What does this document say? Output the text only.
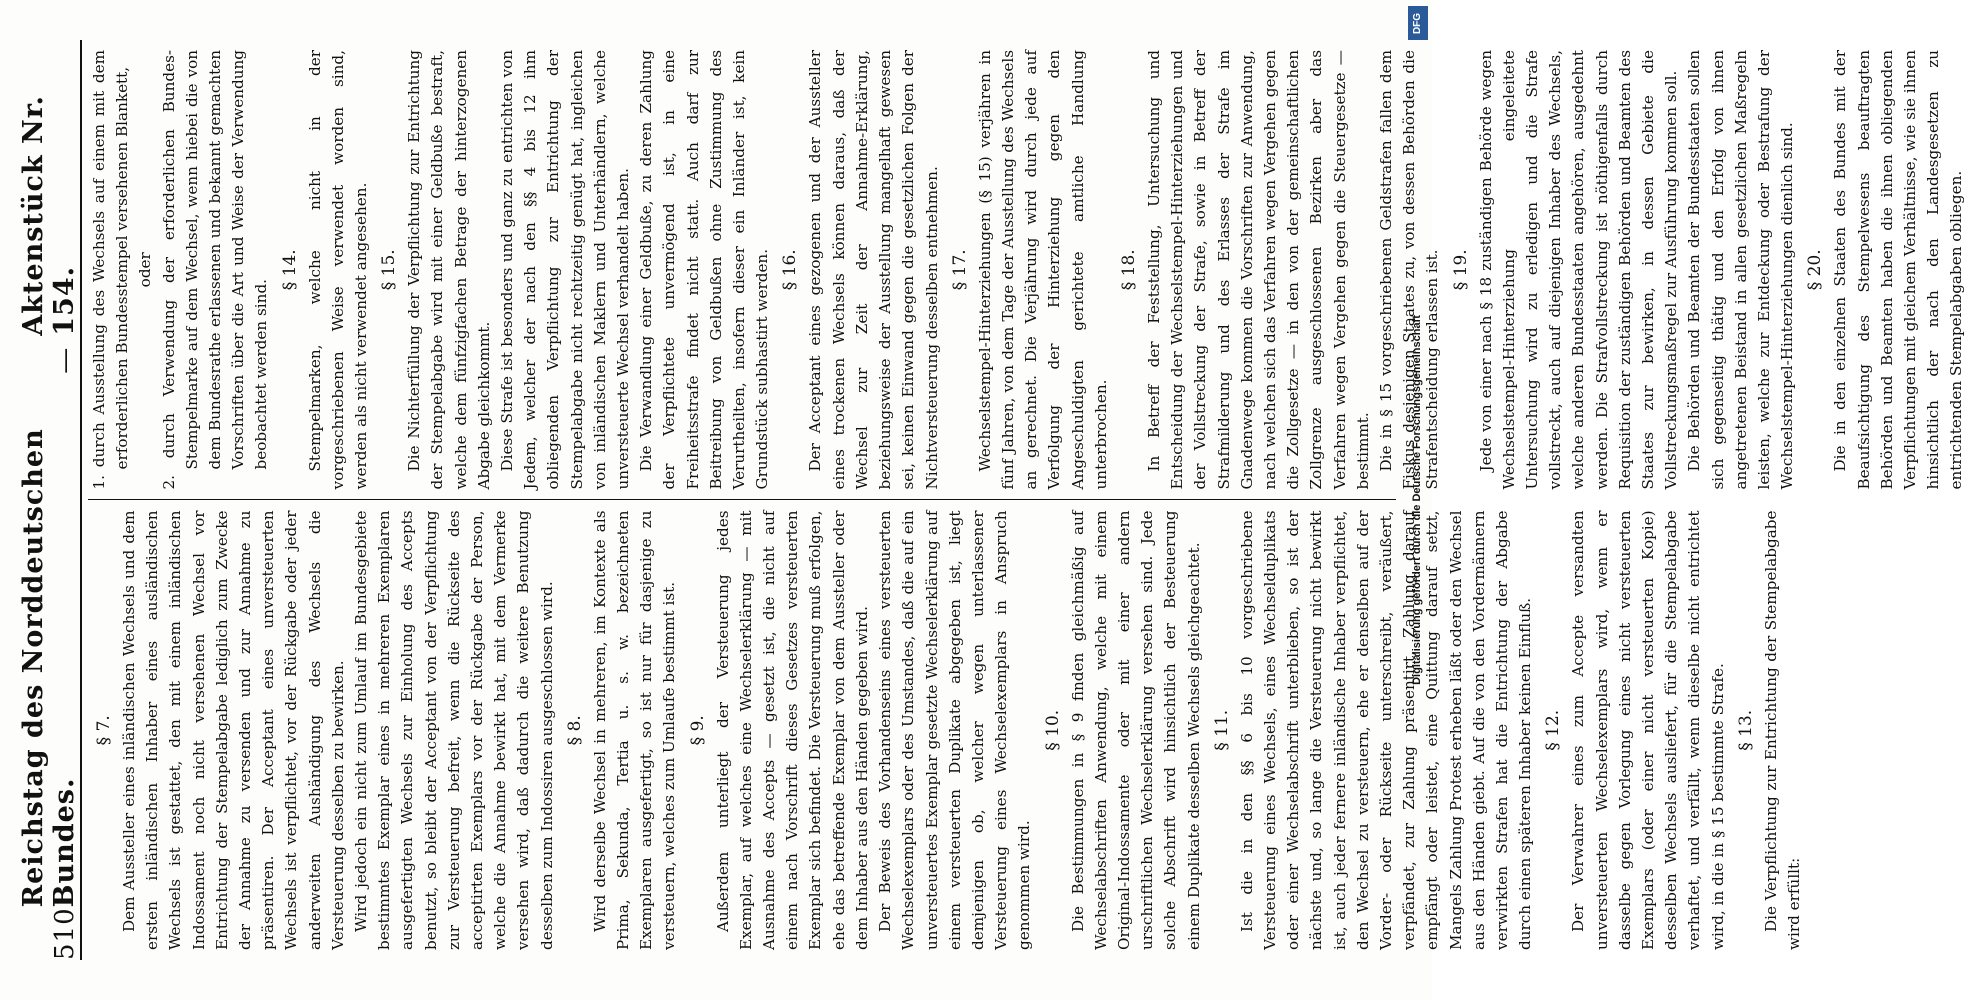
510
Reichstag des Norddeutschen Bundes.
—
Aktenstück Nr. 154.
§ 7. Dem Aussteller eines inländischen Wechsels und dem ersten inländischen Inhaber eines ausländischen Wechsels ist gestattet, den mit einem inländischen Indossament noch nicht versehenen Wechsel vor Entrichtung der Stempelabgabe lediglich zum Zwecke der Annahme zu versenden und zur Annahme zu präsentiren. Der Acceptant eines unversteuerten Wechsels ist verpflichtet, vor der Rückgabe oder jeder anderweiten Aushändigung des Wechsels die Versteuerung desselben zu bewirken. Wird jedoch ein nicht zum Umlauf im Bundesgebiete bestimmtes Exemplar eines in mehreren Exemplaren ausgefertigten Wechsels zur Einholung des Accepts benutzt, so bleibt der Acceptant von der Verpflichtung zur Versteuerung befreit, wenn die Rückseite des acceptirten Exemplars vor der Rückgabe der Person, welche die Annahme bewirkt hat, mit dem Vermerke versehen wird, daß dadurch die weitere Benutzung desselben zum Indossiren ausgeschlossen wird. § 8. Wird derselbe Wechsel in mehreren, im Kontexte als Prima, Sekunda, Tertia u. s. w. bezeichneten Exemplaren ausgefertigt, so ist nur für dasjenige zu versteuern, welches zum Umlaufe bestimmt ist. § 9. Außerdem unterliegt der Versteuerung jedes Exemplar, auf welches eine Wechselerklärung — mit Ausnahme des Accepts — gesetzt ist, die nicht auf einem nach Vorschrift dieses Gesetzes versteuerten Exemplar sich befindet. Die Versteuerung muß erfolgen, ehe das betreffende Exemplar von dem Aussteller oder dem Inhaber aus den Händen gegeben wird. Der Beweis des Vorhandenseins eines versteuerten Wechselexemplars oder des Umstandes, daß die auf ein unversteuertes Exemplar gesetzte Wechselerklärung auf einem versteuerten Duplikate abgegeben ist, liegt demjenigen ob, welcher wegen unterlassener Versteuerung eines Wechselexemplars in Anspruch genommen wird.

§ 10. Die Bestimmungen in § 9 finden gleichmäßig auf Wechselabschriften Anwendung, welche mit einem Original-Indossamente oder mit einer andern urschriftlichen Wechselerklärung versehen sind. Jede solche Abschrift wird hinsichtlich der Besteuerung einem Duplikate desselben Wechsels gleichgeachtet. § 11. Ist die in den §§ 6 bis 10 vorgeschriebene Versteuerung eines Wechsels, eines Wechselduplikats oder einer Wechselabschrift unterblieben, so ist der nächste und, so lange die Versteuerung nicht bewirkt ist, auch jeder fernere inländische Inhaber verpflichtet, den Wechsel zu versteuern, ehe er denselben auf der Vorder- oder Rückseite unterschreibt, veräußert, verpfändet, zur Zahlung präsentirt, Zahlung darauf empfängt oder leistet, eine Quittung darauf setzt, Mangels Zahlung Protest erheben läßt oder den Wechsel aus den Händen giebt. Auf die von den Vordermännern verwirkten Strafen hat die Entrichtung der Abgabe durch einen späteren Inhaber keinen Einfluß. § 12. Der Verwahrer eines zum Accepte versandten unversteuerten Wechselexemplars wird, wenn er dasselbe gegen Vorlegung eines nicht versteuerten Exemplars (oder einer nicht versteuerten Kopie) desselben Wechsels ausliefert, für die Stempelabgabe verhaftet, und verfällt, wenn dieselbe nicht entrichtet wird, in die in § 15 bestimmte Strafe. § 13. Die Verpflichtung zur Entrichtung der Stempelabgabe wird erfüllt:

1. durch Ausstellung des Wechsels auf einem mit dem erforderlichen Bundesstempel versehenen Blankett, oder 2. durch Verwendung der erforderlichen Bundes-Stempelmarke auf dem Wechsel, wenn hiebei die von dem Bundesrathe erlassenen und bekannt gemachten Vorschriften über die Art und Weise der Verwendung beobachtet werden sind.

§ 14. Stempelmarken, welche nicht in der vorgeschriebenen Weise verwendet worden sind, werden als nicht verwendet angesehen. § 15. Die Nichterfüllung der Verpflichtung zur Entrichtung der Stempelabgabe wird mit einer Geldbuße bestraft, welche dem fünfzigfachen Betrage der hinterzogenen Abgabe gleichkommt. Diese Strafe ist besonders und ganz zu entrichten von Jedem, welcher der nach den §§ 4 bis 12 ihm obliegenden Verpflichtung zur Entrichtung der Stempelabgabe nicht rechtzeitig genügt hat, ingleichen von inländischen Maklern und Unterhändlern, welche unversteuerte Wechsel verhandelt haben. Die Verwandlung einer Geldbuße, zu deren Zahlung der Verpflichtete unvermögend ist, in eine Freiheitsstrafe findet nicht statt. Auch darf zur Beitreibung von Geldbußen ohne Zustimmung des Verurtheilten, insofern dieser ein Inländer ist, kein Grundstück subhastirt werden. § 16. Der Acceptant eines gezogenen und der Aussteller eines trockenen Wechsels können daraus, daß der Wechsel zur Zeit der Annahme-Erklärung, beziehungsweise der Ausstellung mangelhaft gewesen sei, keinen Einwand gegen die gesetzlichen Folgen der Nichtversteuerung desselben entnehmen. § 17. Wechselstempel-Hinterziehungen (§ 15) verjähren in fünf Jahren, von dem Tage der Ausstellung des Wechsels an gerechnet. Die Verjährung wird durch jede auf Verfolgung der Hinterziehung gegen den Angeschuldigten gerichtete amtliche Handlung unterbrochen.

§ 18. In Betreff der Feststellung, Untersuchung und Entscheidung der Wechselstempel-Hinterziehungen und der Vollstreckung der Strafe, sowie in Betreff der Strafmilderung und des Erlasses der Strafe im Gnadenwege kommen die Vorschriften zur Anwendung, nach welchen sich das Verfahren wegen Vergehen gegen die Zollgesetze — in den von der gemeinschaftlichen Zollgrenze ausgeschlossenen Bezirken aber das Verfahren wegen Vergehen gegen die Steuergesetze — bestimmt. Die in § 15 vorgeschriebenen Geldstrafen fallen dem Fiskus desjenigen Staates zu, von dessen Behörden die Strafentscheidung erlassen ist. § 19. Jede von einer nach § 18 zuständigen Behörde wegen Wechselstempel-Hinterziehung eingeleitete Untersuchung wird zu erledigen und die Strafe vollstreckt, auch auf diejenigen Inhaber des Wechsels, welche anderen Bundesstaaten angehören, ausgedehnt werden. Die Strafvollstreckung ist nöthigenfalls durch Requisition der zuständigen Behörden und Beamten des Staates zur bewirken, in dessen Gebiete die Vollstreckungsmaßregel zur Ausführung kommen soll. Die Behörden und Beamten der Bundesstaaten sollen sich gegenseitig thätig und den Erfolg von ihnen angetretenen Beistand in allen gesetzlichen Maßregeln leisten, welche zur Entdeckung oder Bestrafung der Wechselstempel-Hinterziehungen dienlich sind. § 20. Die in den einzelnen Staaten des Bundes mit der Beaufsichtigung des Stempelwesens beauftragten Behörden und Beamten haben die ihnen obliegenden Verpflichtungen mit gleichem Verhältnisse, wie sie ihnen hinsichtlich der nach den Landesgesetzen zu entrichtenden Stempelabgaben obliegen.

Digitalisierung gefördert durch die Deutsche Forschungsgemeinschaft
DFG
